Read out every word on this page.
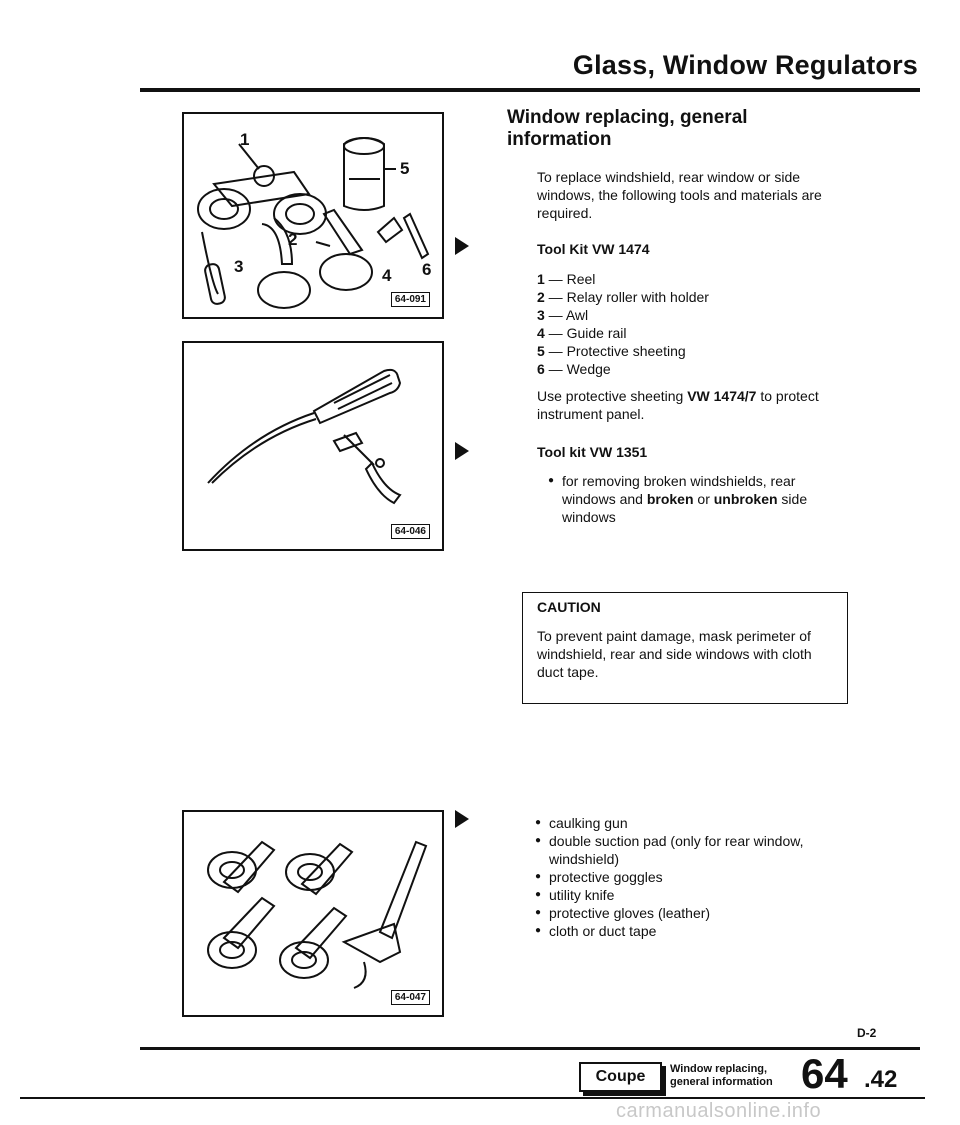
Glass, Window Regulators
1
2
3	4
5
6
64-091
64-046
64-047
Window replacing, general information
To replace windshield, rear window or side windows, the following tools and materials are required.
Tool Kit VW 1474
1 — Reel
2 — Relay roller with holder
3 — Awl
4 — Guide rail
5 — Protective sheeting
6 — Wedge
Use protective sheeting VW 1474/7 to protect instrument panel.
Tool kit VW 1351
● for removing broken windshields, rear windows and broken or unbroken side windows
CAUTION
To prevent paint damage, mask perimeter of windshield, rear and side windows with cloth duct tape.
● caulking gun
● double suction pad (only for rear window, windshield)
● protective goggles
● utility knife
● protective gloves (leather)
● cloth or duct tape
D-2
Coupe	Window replacing,
general information 64 .42
carmanualsonline.info
